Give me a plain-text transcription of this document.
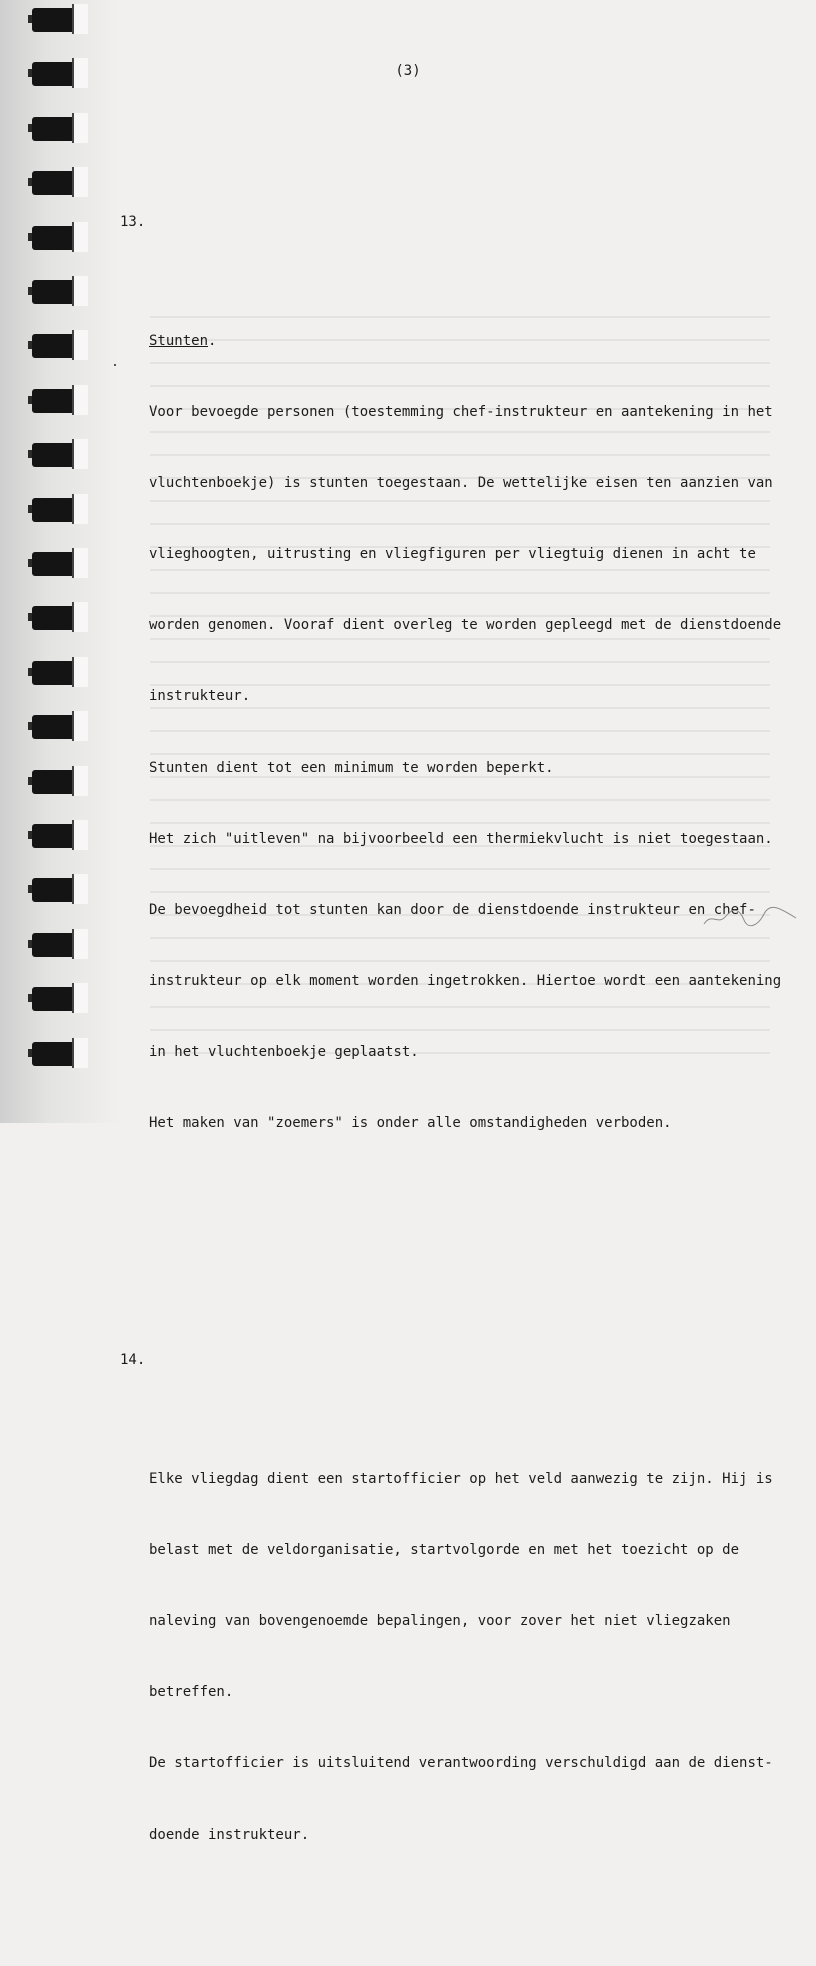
(3)

13.

Stunten.

Voor bevoegde personen (toestemming chef-instrukteur en aantekening in het

vluchtenboekje) is stunten toegestaan. De wettelijke eisen ten aanzien van

vlieghoogten, uitrusting en vliegfiguren per vliegtuig dienen in acht te

worden genomen. Vooraf dient overleg te worden gepleegd met de dienstdoende

instrukteur.

Stunten dient tot een minimum te worden beperkt.

Het zich "uitleven" na bijvoorbeeld een thermiekvlucht is niet toegestaan.

De bevoegdheid tot stunten kan door de dienstdoende instrukteur en chef-

instrukteur op elk moment worden ingetrokken. Hiertoe wordt een aantekening

in het vluchtenboekje geplaatst.

Het maken van "zoemers" is onder alle omstandigheden verboden.

14.

Elke vliegdag dient een startofficier op het veld aanwezig te zijn. Hij is

belast met de veldorganisatie, startvolgorde en met het toezicht op de

naleving van bovengenoemde bepalingen, voor zover het niet vliegzaken

betreffen.

De startofficier is uitsluitend verantwoording verschuldigd aan de dienst-

doende instrukteur.
